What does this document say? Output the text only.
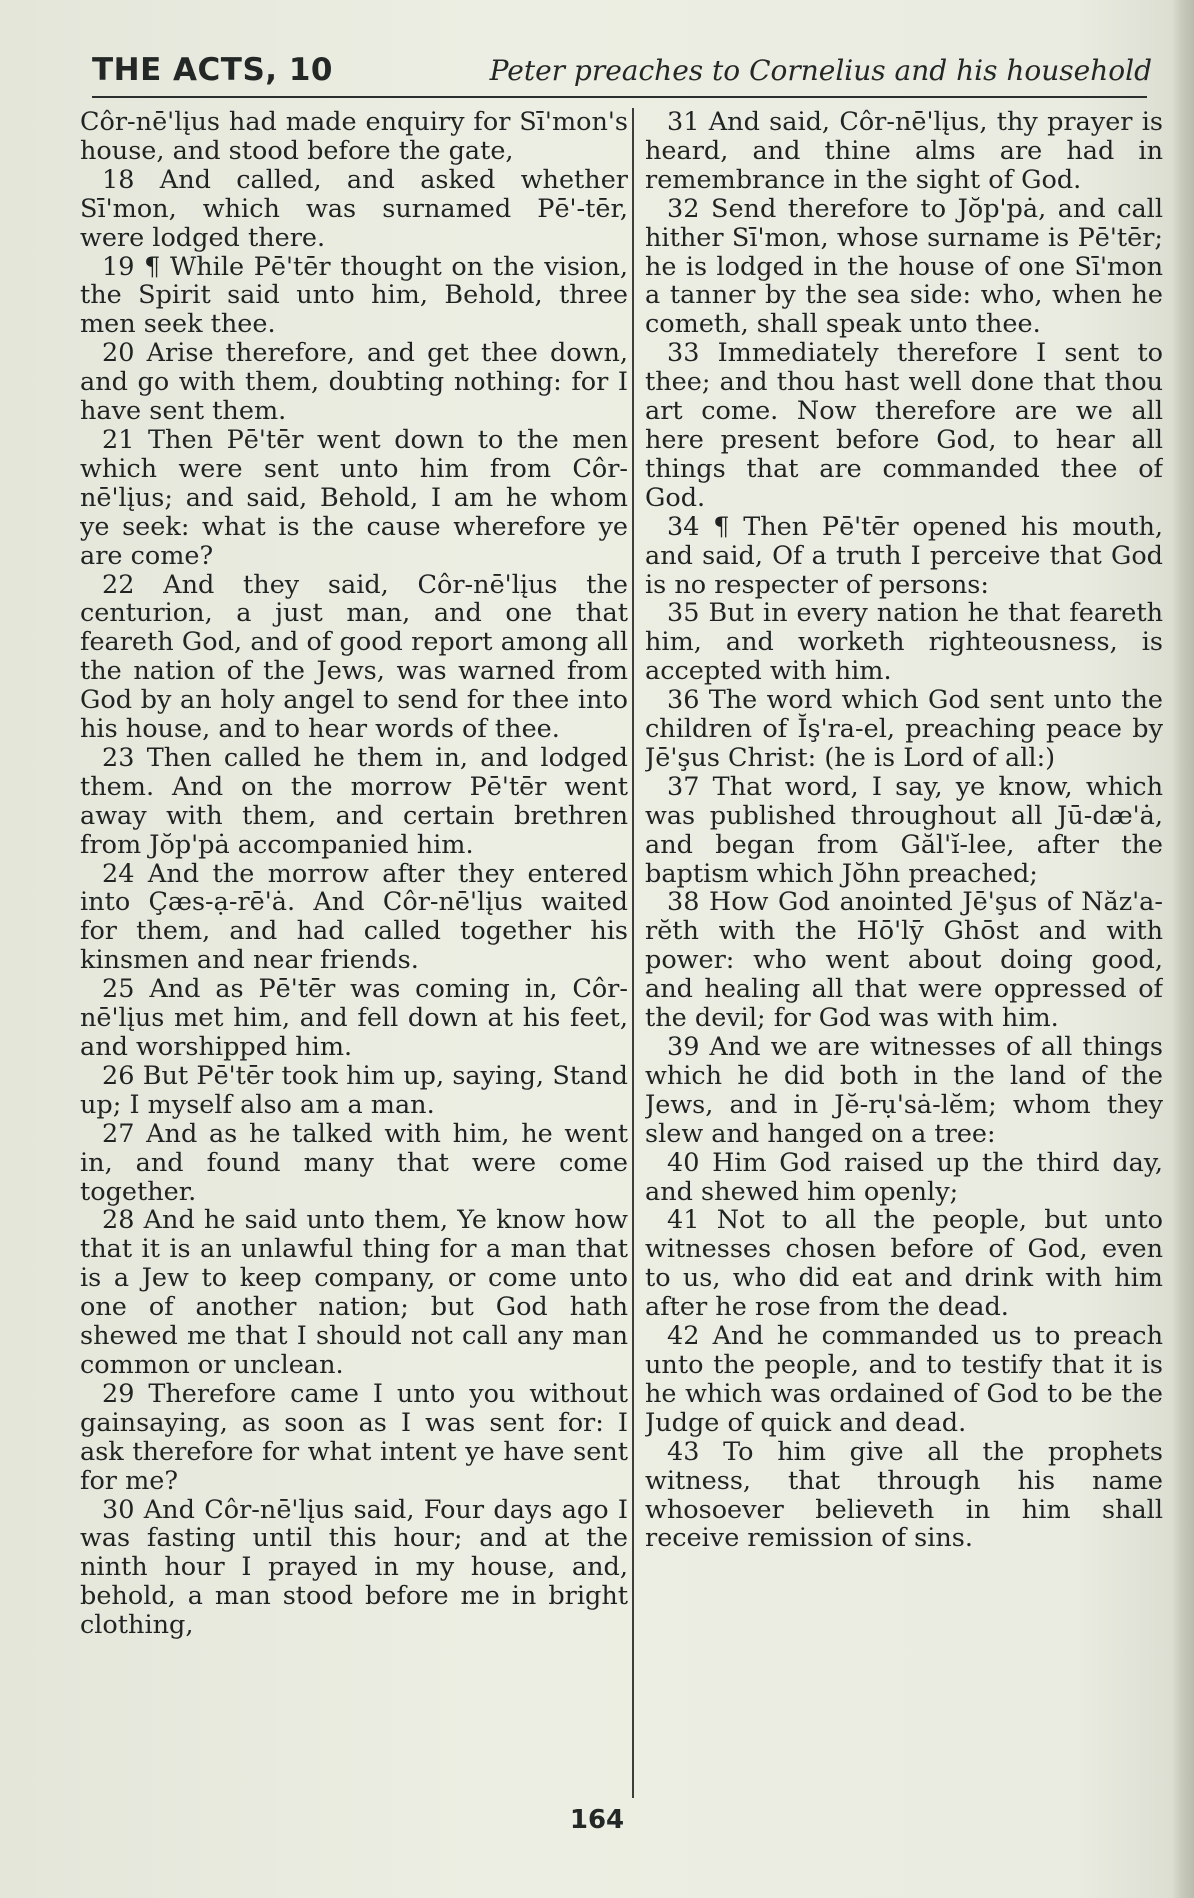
THE ACTS, 10	Peter preaches to Cornelius and his household

Côr-nē'lįus had made enquiry for Sī'mon's house, and stood before the gate,

18 And called, and asked whether Sī'mon, which was surnamed Pē'-tēr, were lodged there.

19 ¶ While Pē'tēr thought on the vision, the Spirit said unto him, Behold, three men seek thee.

20 Arise therefore, and get thee down, and go with them, doubting nothing: for I have sent them.

21 Then Pē'tēr went down to the men which were sent unto him from Côr-nē'lįus; and said, Behold, I am he whom ye seek: what is the cause wherefore ye are come?

22 And they said, Côr-nē'lįus the centurion, a just man, and one that feareth God, and of good report among all the nation of the Jews, was warned from God by an holy angel to send for thee into his house, and to hear words of thee.

23 Then called he them in, and lodged them. And on the morrow Pē'tēr went away with them, and certain brethren from Jŏp'pȧ accompanied him.

24 And the morrow after they entered into Çæs-ạ-rē'ȧ. And Côr-nē'lįus waited for them, and had called together his kinsmen and near friends.

25 And as Pē'tēr was coming in, Côr-nē'lįus met him, and fell down at his feet, and worshipped him.

26 But Pē'tēr took him up, saying, Stand up; I myself also am a man.

27 And as he talked with him, he went in, and found many that were come together.

28 And he said unto them, Ye know how that it is an unlawful thing for a man that is a Jew to keep company, or come unto one of another nation; but God hath shewed me that I should not call any man common or unclean.

29 Therefore came I unto you without gainsaying, as soon as I was sent for: I ask therefore for what intent ye have sent for me?

30 And Côr-nē'lįus said, Four days ago I was fasting until this hour; and at the ninth hour I prayed in my house, and, behold, a man stood before me in bright clothing,

31 And said, Côr-nē'lįus, thy prayer is heard, and thine alms are had in remembrance in the sight of God.

32 Send therefore to Jŏp'pȧ, and call hither Sī'mon, whose surname is Pē'tēr; he is lodged in the house of one Sī'mon a tanner by the sea side: who, when he cometh, shall speak unto thee.

33 Immediately therefore I sent to thee; and thou hast well done that thou art come. Now therefore are we all here present before God, to hear all things that are commanded thee of God.

34 ¶ Then Pē'tēr opened his mouth, and said, Of a truth I perceive that God is no respecter of persons:

35 But in every nation he that feareth him, and worketh righteousness, is accepted with him.

36 The word which God sent unto the children of Ĭş'ra-el, preaching peace by Jē'şus Christ: (he is Lord of all:)

37 That word, I say, ye know, which was published throughout all Jū-dæ'ȧ, and began from Găl'ĭ-lee, after the baptism which Jŏhn preached;

38 How God anointed Jē'şus of Năz'a-rĕth with the Hō'lȳ Ghōst and with power: who went about doing good, and healing all that were oppressed of the devil; for God was with him.

39 And we are witnesses of all things which he did both in the land of the Jews, and in Jĕ-rụ'sȧ-lĕm; whom they slew and hanged on a tree:

40 Him God raised up the third day, and shewed him openly;

41 Not to all the people, but unto witnesses chosen before of God, even to us, who did eat and drink with him after he rose from the dead.

42 And he commanded us to preach unto the people, and to testify that it is he which was ordained of God to be the Judge of quick and dead.

43 To him give all the prophets witness, that through his name whosoever believeth in him shall receive remission of sins.

164
